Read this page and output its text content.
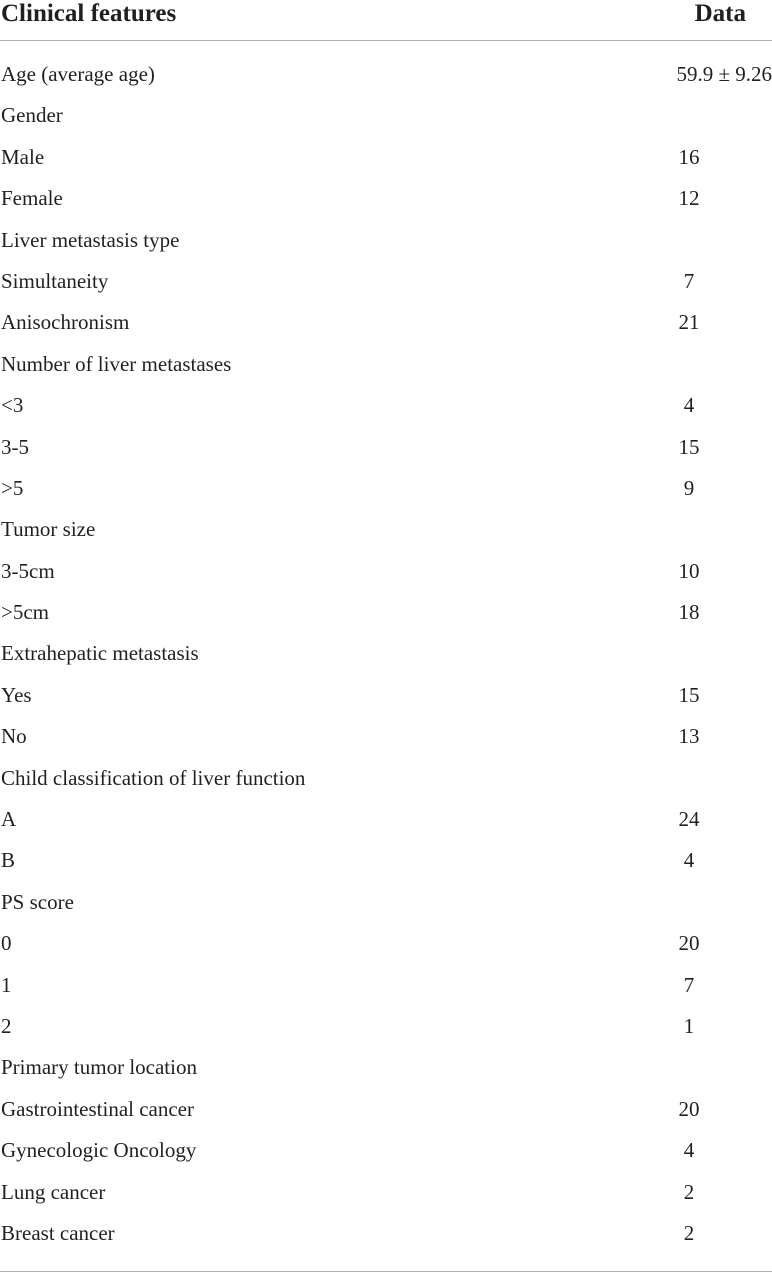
Clinical features	Data
Age (average age)	59.9 ± 9.26
Gender
Male	16
Female	12
Liver metastasis type
Simultaneity	7
Anisochronism	21
Number of liver metastases
<3	4
3-5	15
>5	9
Tumor size
3-5cm	10
>5cm	18
Extrahepatic metastasis
Yes	15
No	13
Child classification of liver function
A	24
B	4
PS score
0	20
1	7
2	1
Primary tumor location
Gastrointestinal cancer	20
Gynecologic Oncology	4
Lung cancer	2
Breast cancer	2
